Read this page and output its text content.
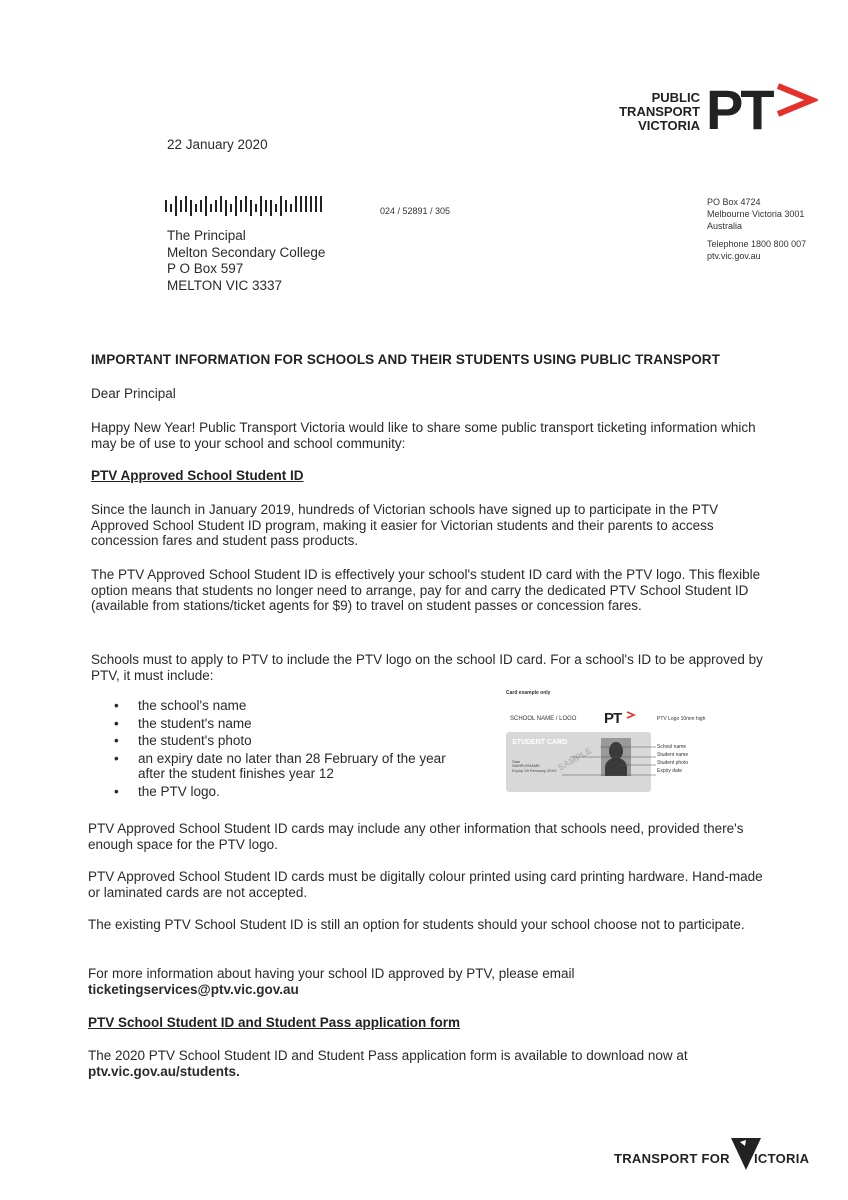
PUBLIC
TRANSPORT
VICTORIA PT
22 January 2020
024 / 52891 / 305
The Principal
Melton Secondary College
P O Box 597
MELTON VIC 3337
PO Box 4724
Melbourne Victoria 3001
Australia
Telephone 1800 800 007
ptv.vic.gov.au
IMPORTANT INFORMATION FOR SCHOOLS AND THEIR STUDENTS USING PUBLIC TRANSPORT
Dear Principal
Happy New Year! Public Transport Victoria would like to share some public transport ticketing information which may be of use to your school and school community:
PTV Approved School Student ID
Since the launch in January 2019, hundreds of Victorian schools have signed up to participate in the PTV Approved School Student ID program, making it easier for Victorian students and their parents to access concession fares and student pass products.
The PTV Approved School Student ID is effectively your school's student ID card with the PTV logo. This flexible option means that students no longer need to arrange, pay for and carry the dedicated PTV School Student ID (available from stations/ticket agents for $9) to travel on student passes or concession fares.
Schools must to apply to PTV to include the PTV logo on the school ID card. For a school's ID to be approved by PTV, it must include:
• the school's name
• the student's name
• the student's photo
• an expiry date no later than 28 February of the year after the student finishes year 12
• the PTV logo.
Card example only
SCHOOL NAME / LOGO PT	PTV Logo 10mm high
STUDENT CARD
Sam
SAMPLENAME
Expiry 28 February 20XX SAMPLE	School name
Student name
Student photo
Expiry date
PTV Approved School Student ID cards may include any other information that schools need, provided there's enough space for the PTV logo.
PTV Approved School Student ID cards must be digitally colour printed using card printing hardware. Hand-made or laminated cards are not accepted.
The existing PTV School Student ID is still an option for students should your school choose not to participate.
For more information about having your school ID approved by PTV, please email
ticketingservices@ptv.vic.gov.au
PTV School Student ID and Student Pass application form
The 2020 PTV School Student ID and Student Pass application form is available to download now at
ptv.vic.gov.au/students.
TRANSPORT FOR ICTORIA
